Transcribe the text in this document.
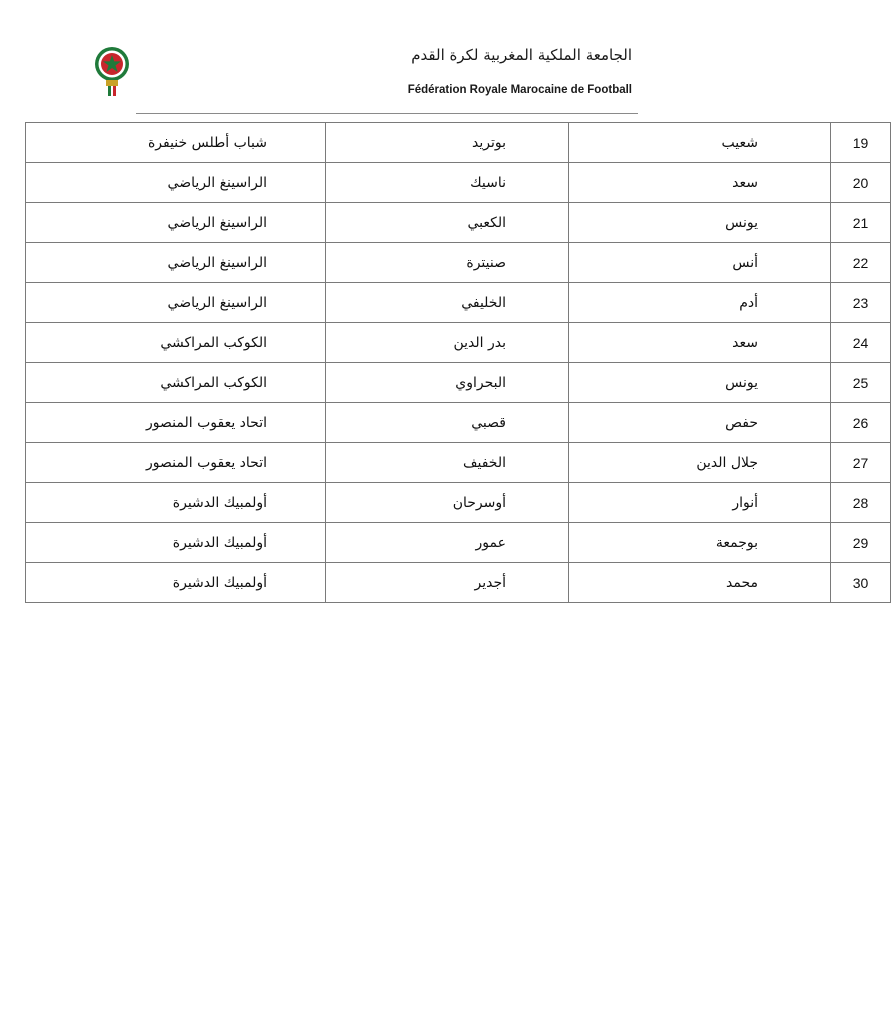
الجامعة الملكية المغربية لكرة القدم
Fédération Royale Marocaine de Football
شباب أطلس خنيفرة	بوتريد	شعيب	19
الراسينغ الرياضي	ناسيك	سعد	20
الراسينغ الرياضي	الكعبي	يونس	21
الراسينغ الرياضي	صنيترة	أنس	22
الراسينغ الرياضي	الخليفي	أدم	23
الكوكب المراكشي	بدر الدين	سعد	24
الكوكب المراكشي	البحراوي	يونس	25
اتحاد يعقوب المنصور	قصبي	حفص	26
اتحاد يعقوب المنصور	الخفيف	جلال الدين	27
أولمبيك الدشيرة	أوسرحان	أنوار	28
أولمبيك الدشيرة	عمور	بوجمعة	29
أولمبيك الدشيرة	أجدير	محمد	30
